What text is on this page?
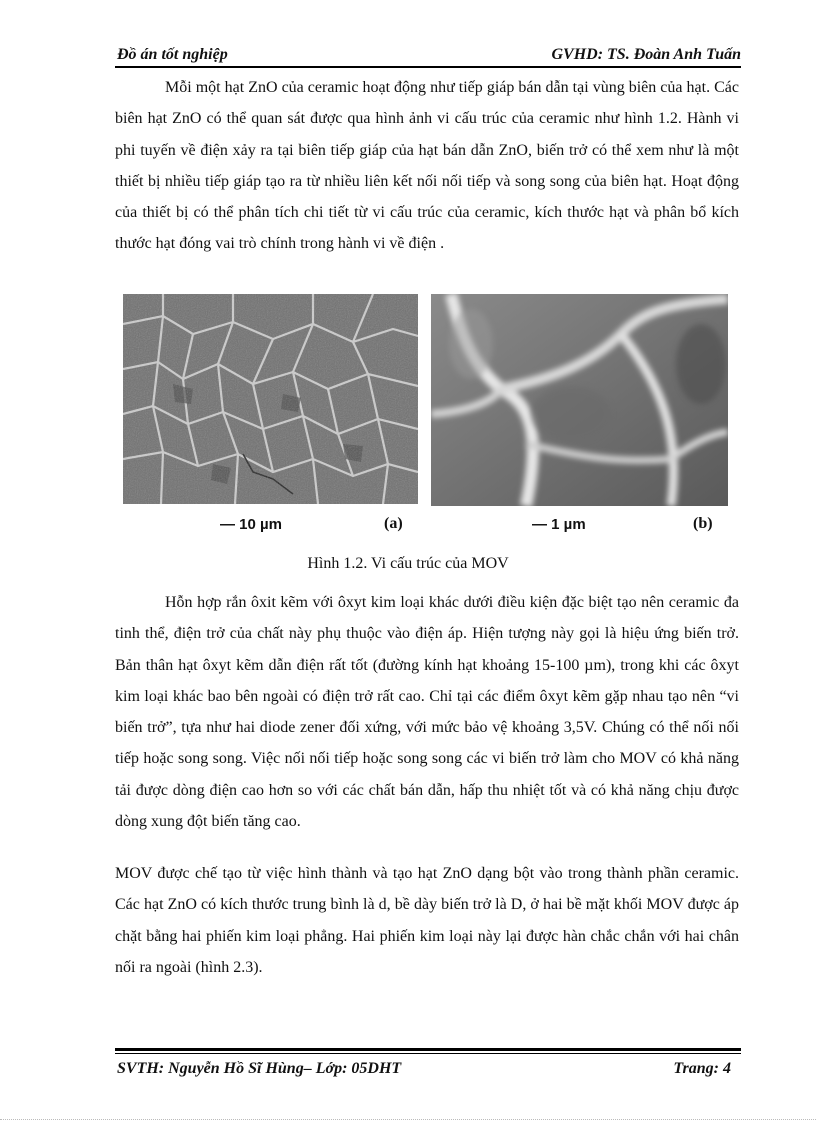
Đồ án tốt nghiệp	GVHD: TS. Đoàn Anh Tuấn

Mỗi một hạt ZnO của ceramic hoạt động như tiếp giáp bán dẫn tại vùng biên của hạt. Các biên hạt ZnO có thể quan sát được qua hình ảnh vi cấu trúc của ceramic như hình 1.2. Hành vi phi tuyến về điện xảy ra tại biên tiếp giáp của hạt bán dẫn ZnO, biến trở có thể xem như là một thiết bị nhiều tiếp giáp tạo ra từ nhiều liên kết nối nối tiếp và song song của biên hạt. Hoạt động của thiết bị có thể phân tích chi tiết từ vi cấu trúc của ceramic, kích thước hạt và phân bổ kích thước hạt đóng vai trò chính trong hành vi về điện .

— 10 µm	(a)	— 1 µm	(b)
Hình 1.2. Vi cấu trúc của MOV

Hỗn hợp rắn ôxit kẽm với ôxyt kim loại khác dưới điều kiện đặc biệt tạo nên ceramic đa tinh thể, điện trở của chất này phụ thuộc vào điện áp. Hiện tượng này gọi là hiệu ứng biến trở. Bản thân hạt ôxyt kẽm dẫn điện rất tốt (đường kính hạt khoảng 15-100 µm), trong khi các ôxyt kim loại khác bao bên ngoài có điện trở rất cao. Chỉ tại các điểm ôxyt kẽm gặp nhau tạo nên “vi biến trở”, tựa như hai diode zener đối xứng, với mức bảo vệ khoảng 3,5V. Chúng có thể nối nối tiếp hoặc song song. Việc nối nối tiếp hoặc song song các vi biến trở làm cho MOV có khả năng tải được dòng điện cao hơn so với các chất bán dẫn, hấp thu nhiệt tốt và có khả năng chịu được dòng xung đột biến tăng cao.

MOV được chế tạo từ việc hình thành và tạo hạt ZnO dạng bột vào trong thành phần ceramic. Các hạt ZnO có kích thước trung bình là d, bề dày biến trở là D, ở hai bề mặt khối MOV được áp chặt bằng hai phiến kim loại phẳng. Hai phiến kim loại này lại được hàn chắc chắn với hai chân nối ra ngoài (hình 2.3).

SVTH: Nguyễn Hồ Sĩ Hùng– Lớp: 05DHT	Trang: 4
